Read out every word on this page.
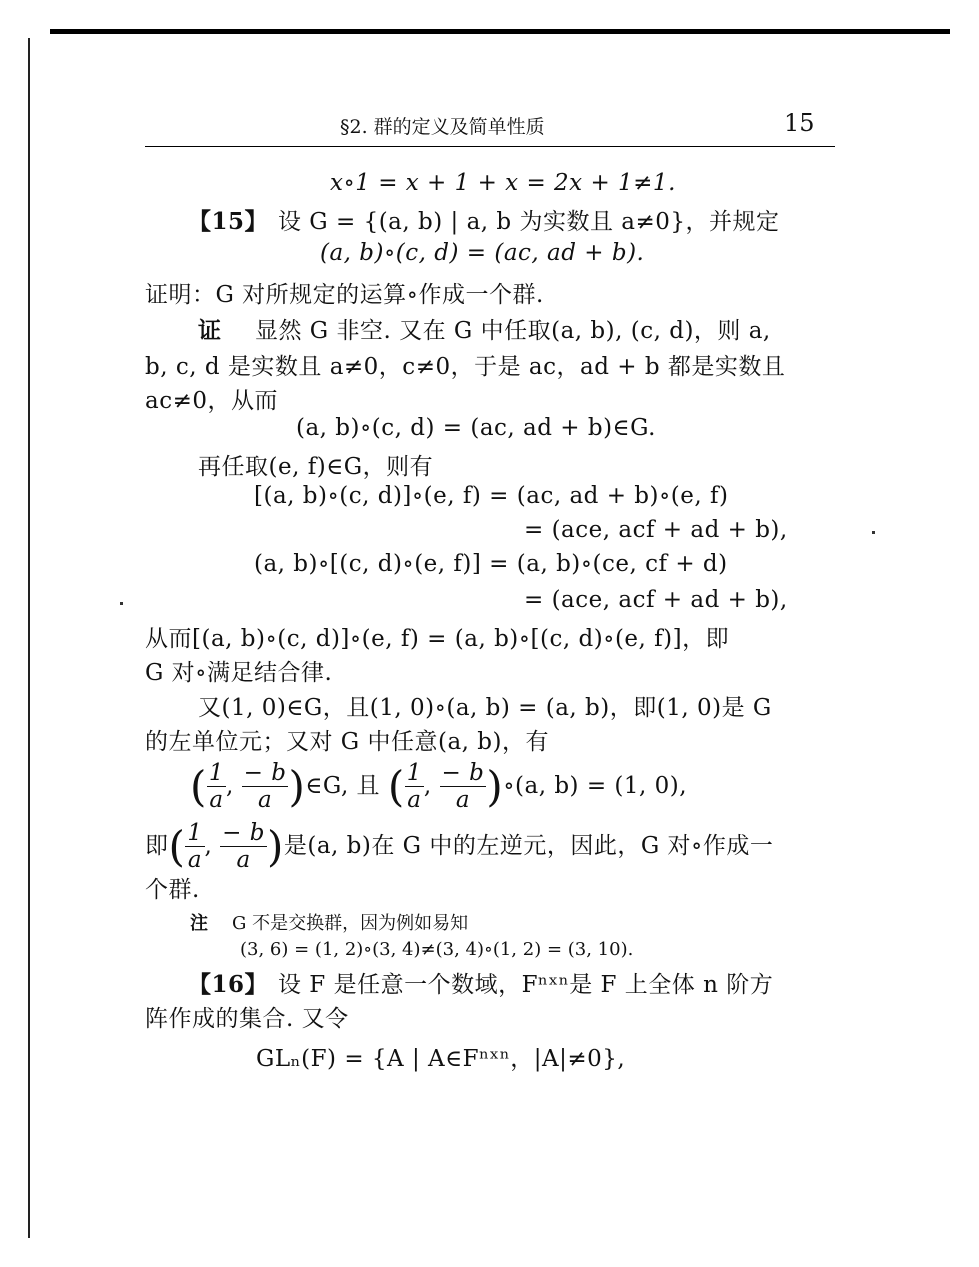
§2. 群的定义及简单性质	15
x∘1 = x + 1 + x = 2x + 1≠1.
【15】 设 G = {(a, b) | a, b 为实数且 a≠0}，并规定
(a, b)∘(c, d) = (ac, ad + b).
证明：G 对所规定的运算∘作成一个群.
证 显然 G 非空. 又在 G 中任取(a, b), (c, d)，则 a,
b, c, d 是实数且 a≠0，c≠0，于是 ac，ad + b 都是实数且
ac≠0，从而
(a, b)∘(c, d) = (ac, ad + b)∈G.
再任取(e, f)∈G，则有
[(a, b)∘(c, d)]∘(e, f) = (ac, ad + b)∘(e, f)
= (ace, acf + ad + b),
(a, b)∘[(c, d)∘(e, f)] = (a, b)∘(ce, cf + d)
= (ace, acf + ad + b),
从而[(a, b)∘(c, d)]∘(e, f) = (a, b)∘[(c, d)∘(e, f)]，即
G 对∘满足结合律.
又(1, 0)∈G，且(1, 0)∘(a, b) = (a, b)，即(1, 0)是 G
的左单位元；又对 G 中任意(a, b)，有
( $\frac{1}{a}$ , $\frac{- b}{a}$ )∈G, 且 ( $\frac{1}{a}$ , $\frac{- b}{a}$ )∘(a, b) = (1, 0),
即( $\frac{1}{a}$ , $\frac{- b}{a}$ )是(a, b)在 G 中的左逆元，因此，G 对∘作成一
个群.
注 G 不是交换群，因为例如易知
(3, 6) = (1, 2)∘(3, 4)≠(3, 4)∘(1, 2) = (3, 10).
【16】 设 F 是任意一个数域，Fⁿˣⁿ是 F 上全体 n 阶方
阵作成的集合. 又令
GLₙ(F) = {A | A∈Fⁿˣⁿ，|A|≠0},
